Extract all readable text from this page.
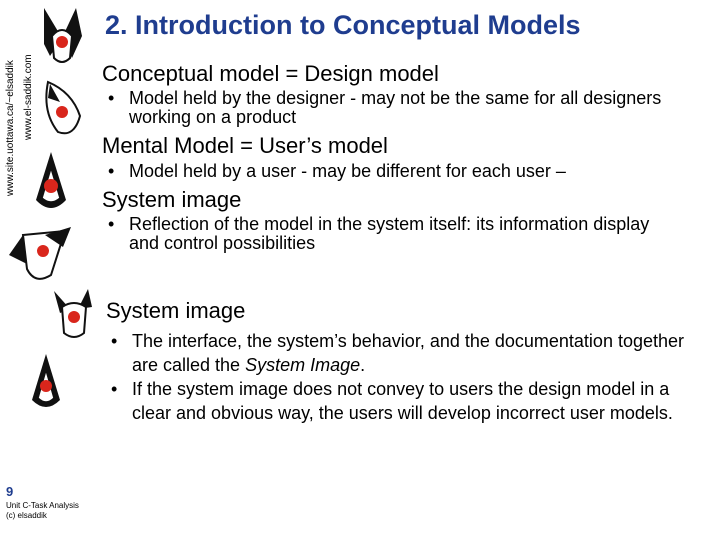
www.site.uottawa.ca/~elsaddik www.el-saddik.com
2. Introduction to Conceptual Models

Conceptual model = Design model

• Model held by the designer - may not be the same for all designers working on a product

Mental Model = User’s model

• Model held by a user - may be different for each user –

System image

• Reflection of the model in the system itself: its information display and control possibilities

System image

• The interface, the system’s behavior, and the documentation together are called the System Image.
• If the system image does not convey to users the design model in a clear and obvious way, the users will develop incorrect user models.
9
Unit C-Task Analysis
(c) elsaddik
